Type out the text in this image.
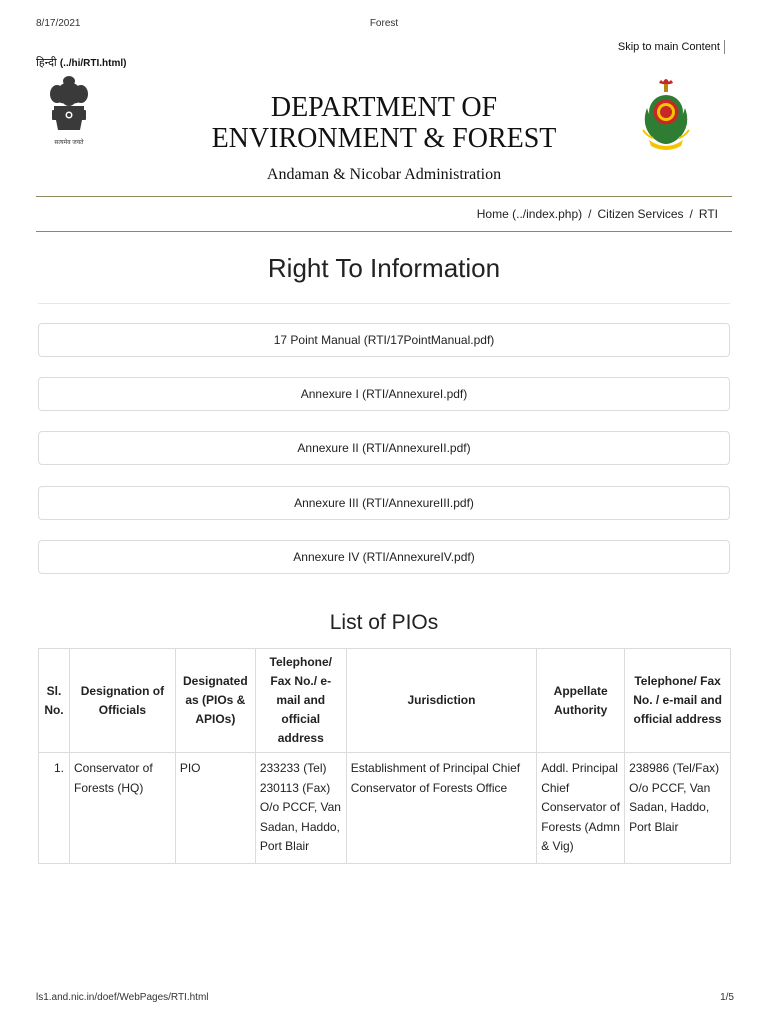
8/17/2021	Forest
Skip to main Content
हिन्दी (../hi/RTI.html)
सत्यमेव जयते
DEPARTMENT OF
ENVIRONMENT & FOREST
Andaman & Nicobar Administration
Home (../index.php) / Citizen Services / RTI
Right To Information
17 Point Manual (RTI/17PointManual.pdf)
Annexure I (RTI/AnnexureI.pdf)
Annexure II (RTI/AnnexureII.pdf)
Annexure III (RTI/AnnexureIII.pdf)
Annexure IV (RTI/AnnexureIV.pdf)
List of PIOs
Sl. No.	Designation of Officials	Designated as (PIOs & APIOs)	Telephone/ Fax No./ e-mail and official address	Jurisdiction	Appellate Authority	Telephone/ Fax No. / e-mail and official address
1.	Conservator of Forests (HQ)	PIO	233233 (Tel)
230113 (Fax)
O/o PCCF, Van Sadan, Haddo, Port Blair	Establishment of Principal Chief Conservator of Forests Office	Addl. Principal Chief Conservator of Forests (Admn & Vig)	238986 (Tel/Fax)
O/o PCCF, Van Sadan, Haddo, Port Blair
ls1.and.nic.in/doef/WebPages/RTI.html	1/5
